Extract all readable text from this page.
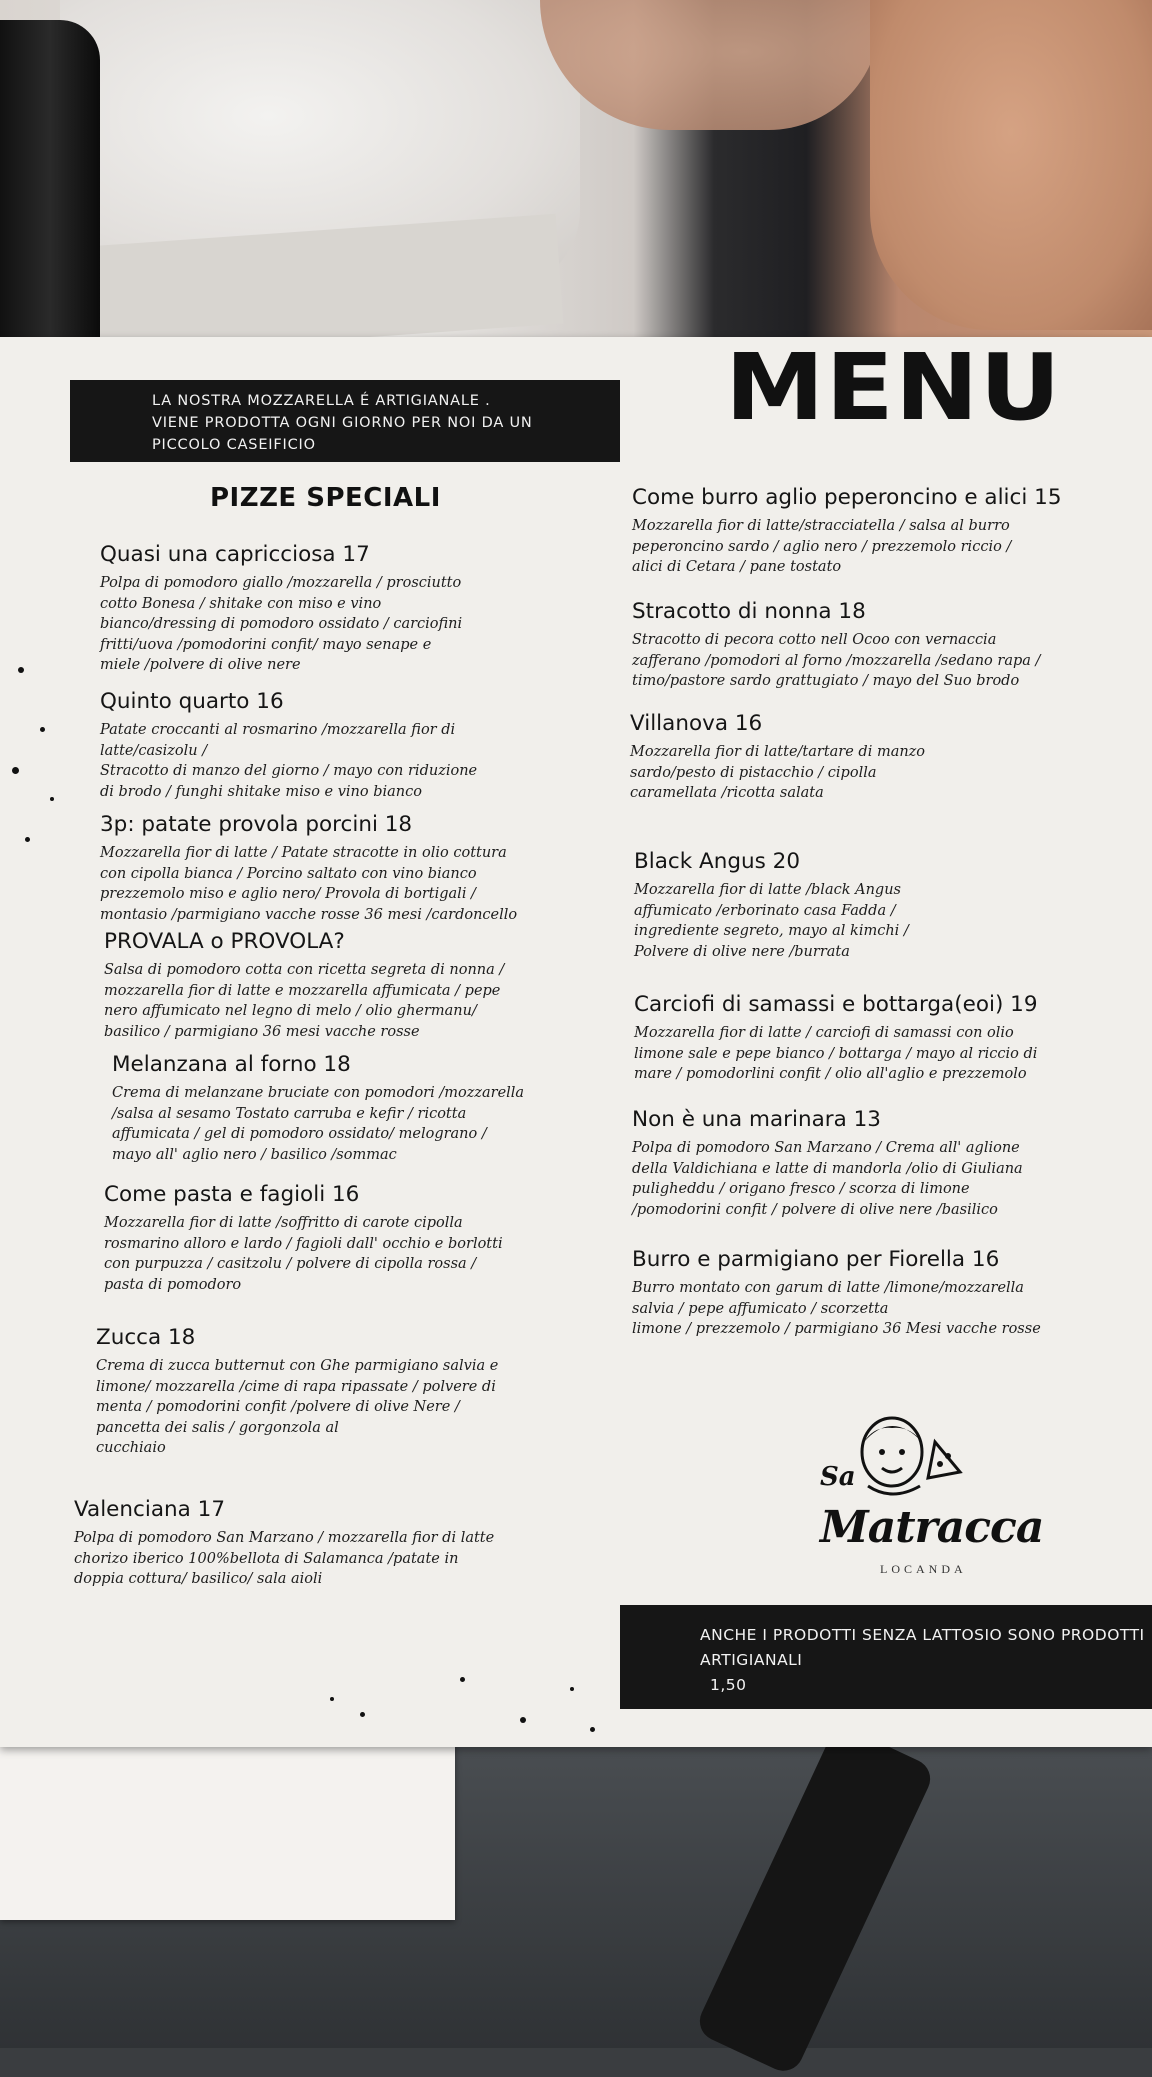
LA NOSTRA MOZZARELLA É ARTIGIANALE .
VIENE PRODOTTA OGNI GIORNO PER NOI DA UN
PICCOLO CASEIFICIO
MENU
PIZZE SPECIALI
Quasi una capricciosa 17
Polpa di pomodoro giallo /mozzarella / prosciutto
cotto Bonesa / shitake con miso e vino
bianco/dressing di pomodoro ossidato / carciofini
fritti/uova /pomodorini confit/ mayo senape e
miele /polvere di olive nere
Quinto quarto 16
Patate croccanti al rosmarino /mozzarella fior di
latte/casizolu /
Stracotto di manzo del giorno / mayo con riduzione
di brodo / funghi shitake miso e vino bianco
3p: patate provola porcini 18
Mozzarella fior di latte / Patate stracotte in olio cottura
con cipolla bianca / Porcino saltato con vino bianco
prezzemolo miso e aglio nero/ Provola di bortigali /
montasio /parmigiano vacche rosse 36 mesi /cardoncello
PROVALA o PROVOLA?
Salsa di pomodoro cotta con ricetta segreta di nonna /
mozzarella fior di latte e mozzarella affumicata / pepe
nero affumicato nel legno di melo / olio ghermanu/
basilico / parmigiano 36 mesi vacche rosse
Melanzana al forno 18
Crema di melanzane bruciate con pomodori /mozzarella
/salsa al sesamo Tostato carruba e kefir / ricotta
affumicata / gel di pomodoro ossidato/ melograno /
mayo all' aglio nero / basilico /sommac
Come pasta e fagioli 16
Mozzarella fior di latte /soffritto di carote cipolla
rosmarino allor​o e lardo / fagioli dall' occhio e borlotti
con purpuzza / casitzolu / polvere di cipolla rossa /
pasta di pomodoro
Zucca 18
Crema di zucca butternut con Ghe parmigiano salvia e
limone/ mozzarella /cime di rapa ripassate / polvere di
menta / pomodorini confit /polvere di olive Nere /
pancetta dei salis / gorgonzola al
cucchiaio
Valenciana 17
Polpa di pomodoro San Marzano / mozzarella fior di latte
chorizo iberico 100%bellota di Salamanca /patate in
doppia cottura/ basilico/ sala aioli
Come burro aglio peperoncino e alici 15
Mozzarella fior di latte/stracciatella / salsa al burro
peperoncino sardo / aglio nero / prezzemolo riccio /
alici di Cetara / pane tostato
Stracotto di nonna 18
Stracotto di pecora cotto nell Ocoo con vernaccia
zafferano /pomodori al forno /mozzarella /sedano rapa /
timo/pastore sardo grattugiato / mayo del Suo brodo
Villanova 16
Mozzarella fior di latte/tartare di manzo
sardo/pesto di pistacchio / cipolla
caramellata /ricotta salata
Black Angus 20
Mozzarella fior di latte /black Angus
affumicato /erborinato casa Fadda /
ingrediente segreto, mayo al kimchi /
Polvere di olive nere /burrata
Carciofi di samassi e bottarga(eoi) 19
Mozzarella fior di latte / carciofi di samassi con olio
limone sale e pepe bianco / bottarga / mayo al riccio di
mare / pomodorlini confit / olio all'aglio e prezzemolo
Non è una marinara 13
Polpa di pomodoro San Marzano / Crema all' aglione
della Valdichiana e latte di mandorla /olio di Giuliana
puligheddu / origano fresco / scorza di limone
/pomodorini confit / polvere di olive nere /basilico
Burro e parmigiano per Fiorella 16
Burro montato con garum di latte /limone/mozzarella
salvia / pepe affumicato / scorzetta
limone / prezzemolo / parmigiano 36 Mesi vacche rosse
Sa
Matracca
LOCANDA
ANCHE I PRODOTTI SENZA LATTOSIO SONO PRODOTTI
ARTIGIANALI
1,50
